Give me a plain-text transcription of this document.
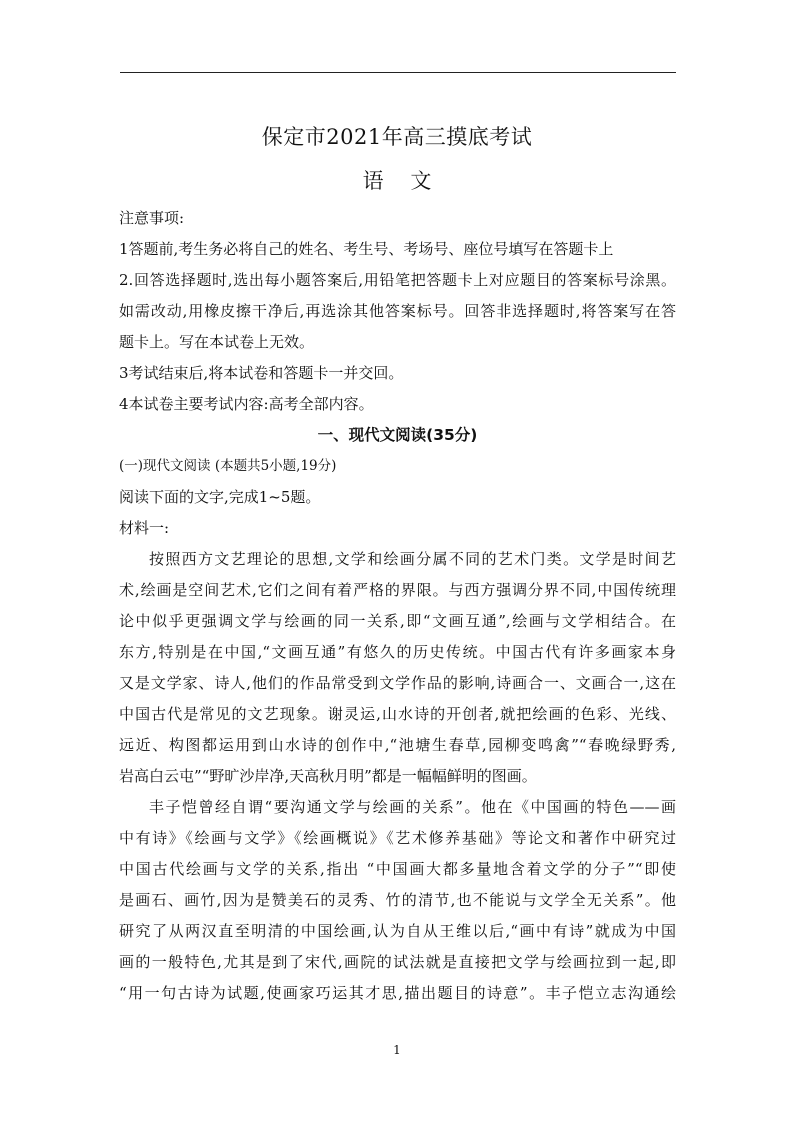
保定市2021年高三摸底考试
语 文
注意事项:
1答题前,考生务必将自己的姓名、考生号、考场号、座位号填写在答题卡上
2.回答选择题时,选出每小题答案后,用铅笔把答题卡上对应题目的答案标号涂黑。
如需改动,用橡皮擦干净后,再选涂其他答案标号。回答非选择题时,将答案写在答
题卡上。写在本试卷上无效。
3考试结束后,将本试卷和答题卡一并交回。
4本试卷主要考试内容:高考全部内容。
一、现代文阅读(35分)
(一)现代文阅读 (本题共5小题,19分)
阅读下面的文字,完成1~5题。
材料一:
按照西方文艺理论的思想,文学和绘画分属不同的艺术门类。文学是时间艺
术,绘画是空间艺术,它们之间有着严格的界限。与西方强调分界不同,中国传统理
论中似乎更强调文学与绘画的同一关系,即“文画互通”,绘画与文学相结合。在
东方,特别是在中国,“文画互通”有悠久的历史传统。中国古代有许多画家本身
又是文学家、诗人,他们的作品常受到文学作品的影响,诗画合一、文画合一,这在
中国古代是常见的文艺现象。谢灵运,山水诗的开创者,就把绘画的色彩、光线、
远近、构图都运用到山水诗的创作中,“池塘生春草,园柳变鸣禽”“春晚绿野秀,
岩高白云屯”“野旷沙岸净,天高秋月明”都是一幅幅鲜明的图画。
丰子恺曾经自谓“要沟通文学与绘画的关系”。他在《中国画的特色——画
中有诗》《绘画与文学》《绘画概说》《艺术修养基础》等论文和著作中研究过
中国古代绘画与文学的关系,指出 “中国画大都多量地含着文学的分子”“即使
是画石、画竹,因为是赞美石的灵秀、竹的清节,也不能说与文学全无关系”。他
研究了从两汉直至明清的中国绘画,认为自从王维以后,“画中有诗”就成为中国
画的一般特色,尤其是到了宋代,画院的试法就是直接把文学与绘画拉到一起,即
“用一句古诗为试题,使画家巧运其才思,描出题目的诗意”。丰子恺立志沟通绘
1
